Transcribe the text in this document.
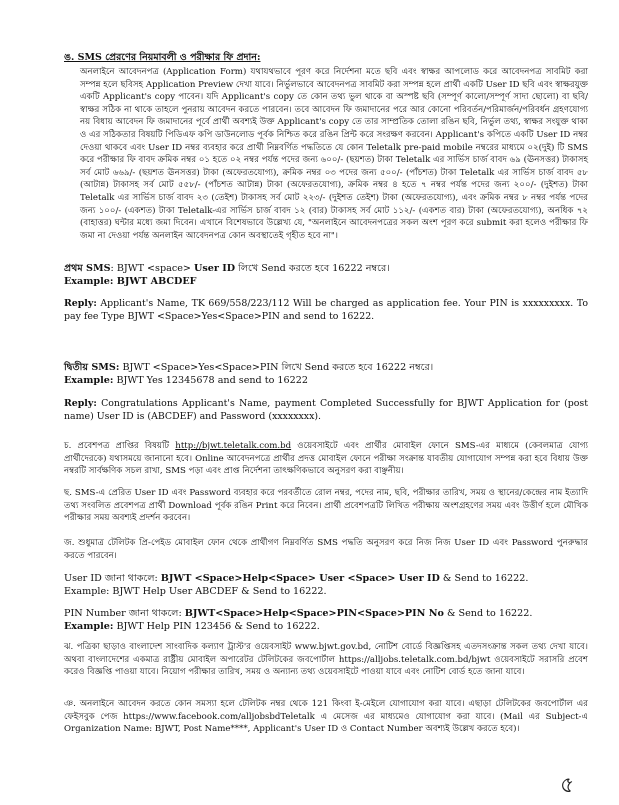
ঙ. SMS প্রেরণের নিয়মাবলী ও পরীক্ষার ফি প্রদান:
অনলাইনে আবেদনপত্র (Application Form) যথাযথভাবে পূরণ করে নির্দেশনা মতে ছবি এবং স্বাক্ষর আপলোড করে আবেদনপত্র সাবমিট করা সম্পন্ন হলে ছবিসহ Application Preview দেখা যাবে। নির্ভুলভাবে আবেদনপত্র সাবমিট করা সম্পন্ন হলে প্রার্থী একটি User ID ছবি এবং স্বাক্ষরযুক্ত একটি Applicant's copy পাবেন। যদি Applicant's copy তে কোন তথ্য ভুল থাকে বা অস্পষ্ট ছবি (সম্পূর্ণ কালো/সম্পূর্ণ সাদা ছোলো) বা ছবি/স্বাক্ষর সঠিক না থাকে তাহলে পুনরায় আবেদন করতে পারবেন। তবে আবেদন ফি জমাদানের পরে আর কোনো পরিবর্তন/পরিমার্জন/পরিবর্ধন গ্রহণযোগ্য নয় বিধায় আবেদন ফি জমাদানের পূর্বে প্রার্থী অবশ্যই উক্ত Applicant's copy তে তার সাম্প্রতিক তোলা রঙিন ছবি, নির্ভুল তথ্য, স্বাক্ষর সংযুক্ত থাকা ও এর সঠিকতার বিষয়টি পিডিএফ কপি ডাউনলোড পূর্বক নিশ্চিত করে রঙিন প্রিন্ট করে সংরক্ষণ করবেন। Applicant's কপিতে একটি User ID নম্বর দেওয়া থাকবে এবং User ID নম্বর ব্যবহার করে প্রার্থী নিম্নবর্ণিত পদ্ধতিতে যে কোন Teletalk pre-paid mobile নম্বরের মাধ্যমে ০২(দুই) টি SMS করে পরীক্ষার ফি বাবদ ক্রমিক নম্বর ০১ হতে ০২ নম্বর পর্যন্ত পদের জন্য ৬০০/- (ছয়শত) টাকা Teletalk এর সার্ভিস চার্জ বাবদ ৬৯ (ঊনসত্তর) টাকাসহ সর্ব মোট ৬৬৯/- (ছয়শত ঊনসত্তর) টাকা (অফেরতযোগ্য), ক্রমিক নম্বর ০৩ পদের জন্য ৫০০/- (পাঁচশত) টাকা Teletalk এর সার্ভিস চার্জ বাবদ ৫৮ (আটান্ন) টাকাসহ সর্ব মোট ৫৫৮/- (পাঁচশত আটান্ন) টাকা (অফেরতযোগ্য), ক্রমিক নম্বর ৪ হতে ৭ নম্বর পর্যন্ত পদের জন্য ২০০/- (দুইশত) টাকা Teletalk এর সার্ভিস চার্জ বাবদ ২৩ (তেইশ) টাকাসহ সর্ব মোট ২২৩/- (দুইশত তেইশ) টাকা (অফেরতযোগ্য), এবং ক্রমিক নম্বর ৮ নম্বর পর্যন্ত পদের জন্য ১০০/- (একশত) টাকা Teletalk-এর সার্ভিস চার্জ বাবদ ১২ (বার) টাকাসহ সর্ব মোট ১১২/- (একশত বার) টাকা (অফেরতযোগ্য), অনধিক ৭২ (বাহাত্তর) ঘন্টার মধ্যে জমা দিবেন। এখানে বিশেষভাবে উল্লেখ্য যে, "অনলাইনে আবেদনপত্রের সকল অংশ পূরণ করে submit করা হলেও পরীক্ষার ফি জমা না দেওয়া পর্যন্ত অনলাইন আবেদনপত্র কোন অবস্থাতেই গৃহীত হবে না"।

প্রথম SMS: BJWT <space> User ID লিখে Send করতে হবে 16222 নম্বরে।

Example: BJWT ABCDEF

Reply: Applicant's Name, TK 669/558/223/112 Will be charged as application fee. Your PIN is xxxxxxxxx. To pay fee Type BJWT <Space>Yes<Space>PIN and send to 16222.

দ্বিতীয় SMS: BJWT <Space>Yes<Space>PIN লিখে Send করতে হবে 16222 নম্বরে।

Example: BJWT Yes 12345678 and send to 16222

Reply: Congratulations Applicant's Name, payment Completed Successfully for BJWT Application for (post name) User ID is (ABCDEF) and Password (xxxxxxxx).

চ. প্রবেশপত্র প্রাপ্তির বিষয়টি http://bjwt.teletalk.com.bd ওয়েবসাইটে এবং প্রার্থীর মোবাইল ফোনে SMS-এর মাধ্যমে (কেবলমাত্র যোগ্য প্রার্থীদেরকে) যথাসময়ে জানানো হবে। Online আবেদনপত্রে প্রার্থীর প্রদত্ত মোবাইল ফোনে পরীক্ষা সংক্রান্ত যাবতীয় যোগাযোগ সম্পন্ন করা হবে বিধায় উক্ত নম্বরটি সার্বক্ষণিক সচল রাখা, SMS পড়া এবং প্রাপ্ত নির্দেশনা তাৎক্ষণিকভাবে অনুসরণ করা বাঞ্ছনীয়।

ছ. SMS-এ প্রেরিত User ID এবং Password ব্যবহার করে পরবর্তীতে রোল নম্বর, পদের নাম, ছবি, পরীক্ষার তারিখ, সময় ও স্থানের/কেন্দ্রের নাম ইত্যাদি তথ্য সংবলিত প্রবেশপত্র প্রার্থী Download পূর্বক রঙিন Print করে নিবেন। প্রার্থী প্রবেশপত্রটি লিখিত পরীক্ষায় অংশগ্রহণের সময় এবং উত্তীর্ণ হলে মৌখিক পরীক্ষার সময় অবশ্যই প্রদর্শন করবেন।

জ. শুধুমাত্র টেলিটক প্রি-পেইড মোবাইল ফোন থেকে প্রার্থীগণ নিম্নবর্ণিত SMS পদ্ধতি অনুসরণ করে নিজ নিজ User ID এবং Password পুনরুদ্ধার করতে পারবেন।

User ID জানা থাকলে: BJWT <Space>Help<Space> User <Space> User ID & Send to 16222.

Example: BJWT Help User ABCDEF & Send to 16222.

PIN Number জানা থাকলে: BJWT<Space>Help<Space>PIN<Space>PIN No & Send to 16222.

Example: BJWT Help PIN 123456 & Send to 16222.

ঝ. পত্রিকা ছাড়াও বাংলাদেশ সাংবাদিক কল্যাণ ট্রাস্ট'র ওয়েবসাইট www.bjwt.gov.bd, নোটিশ বোর্ডে বিজ্ঞপ্তিসহ এতদসংক্রান্ত সকল তথ্য দেখা যাবে। অথবা বাংলাদেশের একমাত্র রাষ্ট্রীয় মোবাইল অপারেটর টেলিটকের জবপোর্টাল https://alljobs.teletalk.com.bd/bjwt ওয়েবসাইটে সরাসরি প্রবেশ করেও বিজ্ঞপ্তি পাওয়া যাবে। নিয়োগ পরীক্ষার তারিখ, সময় ও অন্যান্য তথ্য ওয়েবসাইটে পাওয়া যাবে এবং নোটিশ বোর্ড হতে জানা যাবে।

ঞ. অনলাইনে আবেদন করতে কোন সমস্যা হলে টেলিটক নম্বর থেকে 121 কিংবা ই-মেইলে যোগাযোগ করা যাবে। এছাড়া টেলিটকের জবপোর্টাল এর ফেইসবুক পেজ https://www.facebook.com/alljobsbdTeletalk এ মেসেজ এর মাধ্যমেও যোগাযোগ করা যাবে। (Mail এর Subject-এ Organization Name: BJWT, Post Name****, Applicant's User ID ও Contact Number অবশ্যই উল্লেখ করতে হবে)।

৫
